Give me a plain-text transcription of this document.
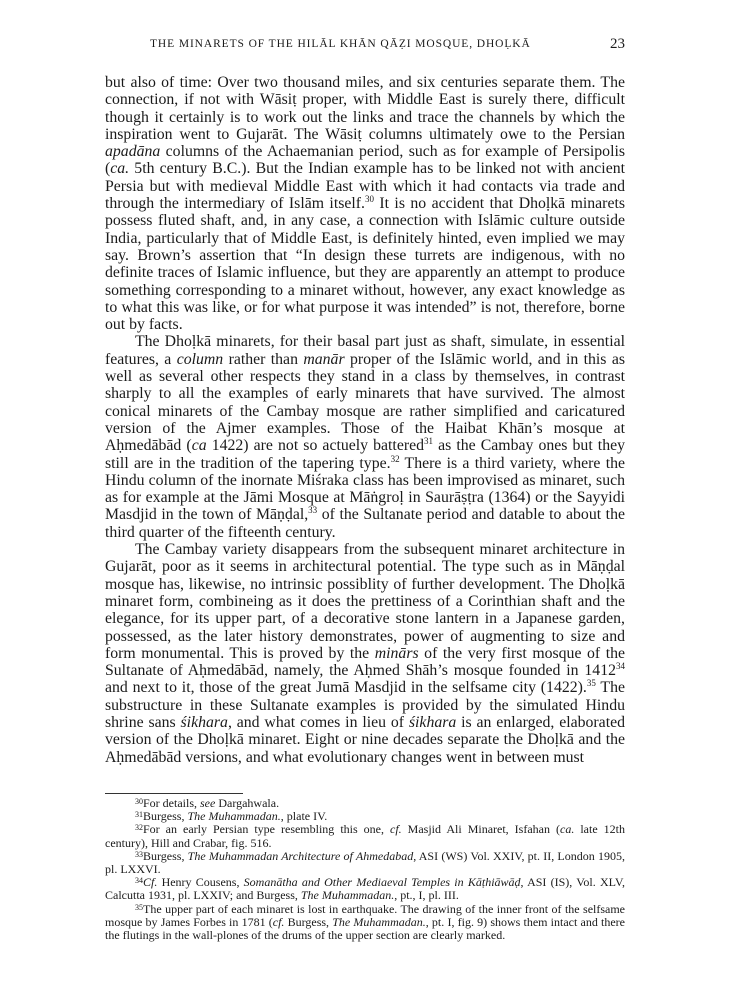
THE MINARETS OF THE HILĀL KHĀN QĀẒI MOSQUE, DHOḶKĀ	23

but also of time: Over two thousand miles, and six centuries separate them. The connection, if not with Wāsiṭ proper, with Middle East is surely there, difficult though it certainly is to work out the links and trace the channels by which the inspiration went to Gujarāt. The Wāsiṭ columns ultimately owe to the Persian apadāna columns of the Achaemanian period, such as for example of Persipolis (ca. 5th century B.C.). But the Indian example has to be linked not with ancient Persia but with medieval Middle East with which it had contacts via trade and through the intermediary of Islām itself.$^{30}$ It is no accident that Dhoḷkā minarets possess fluted shaft, and, in any case, a connection with Islāmic culture outside India, particularly that of Middle East, is definitely hinted, even implied we may say. Brown’s assertion that “In design these turrets are indigenous, with no definite traces of Islamic influence, but they are apparently an attempt to produce something corresponding to a minaret without, however, any exact knowledge as to what this was like, or for what purpose it was intended” is not, therefore, borne out by facts.

The Dhoḷkā minarets, for their basal part just as shaft, simulate, in essential features, a column rather than manār proper of the Islāmic world, and in this as well as several other respects they stand in a class by themselves, in contrast sharply to all the examples of early minarets that have survived. The almost conical minarets of the Cambay mosque are rather simplified and caricatured version of the Ajmer examples. Those of the Haibat Khān’s mosque at Aḥmedābād (ca 1422) are not so actuely battered$^{31}$ as the Cambay ones but they still are in the tradition of the tapering type.$^{32}$ There is a third variety, where the Hindu column of the inornate Miśraka class has been improvised as minaret, such as for example at the Jāmi Mosque at Māṅgroḷ in Saurāṣṭra (1364) or the Sayyidi Masdjid in the town of Māṇḍal,$^{33}$ of the Sultanate period and datable to about the third quarter of the fifteenth century.

The Cambay variety disappears from the subsequent minaret architecture in Gujarāt, poor as it seems in architectural potential. The type such as in Māṇḍal mosque has, likewise, no intrinsic possiblity of further development. The Dhoḷkā minaret form, combineing as it does the prettiness of a Corinthian shaft and the elegance, for its upper part, of a decorative stone lantern in a Japanese garden, possessed, as the later history demonstrates, power of augmenting to size and form monumental. This is proved by the minārs of the very first mosque of the Sultanate of Aḥmedābād, namely, the Aḥmed Shāh’s mosque founded in 1412$^{34}$ and next to it, those of the great Jumā Masdjid in the selfsame city (1422).$^{35}$ The substructure in these Sultanate examples is provided by the simulated Hindu shrine sans śikhara, and what comes in lieu of śikhara is an enlarged, elaborated version of the Dhoḷkā minaret. Eight or nine decades separate the Dhoḷkā and the Aḥmedābād versions, and what evolutionary changes went in between must

$^{30}$For details, see Dargahwala.

$^{31}$Burgess, The Muhammadan., plate IV.

$^{32}$For an early Persian type resembling this one, cf. Masjid Ali Minaret, Isfahan (ca. late 12th century), Hill and Crabar, fig. 516.

$^{33}$Burgess, The Muhammadan Architecture of Ahmedabad, ASI (WS) Vol. XXIV, pt. II, London 1905, pl. LXXVI.

$^{34}$Cf. Henry Cousens, Somanātha and Other Mediaeval Temples in Kāṭhiāwāḍ, ASI (IS), Vol. XLV, Calcutta 1931, pl. LXXIV; and Burgess, The Muhammadan., pt., I, pl. III.

$^{35}$The upper part of each minaret is lost in earthquake. The drawing of the inner front of the selfsame mosque by James Forbes in 1781 (cf. Burgess, The Muhammadan., pt. I, fig. 9) shows them intact and there the flutings in the wall-plones of the drums of the upper section are clearly marked.
